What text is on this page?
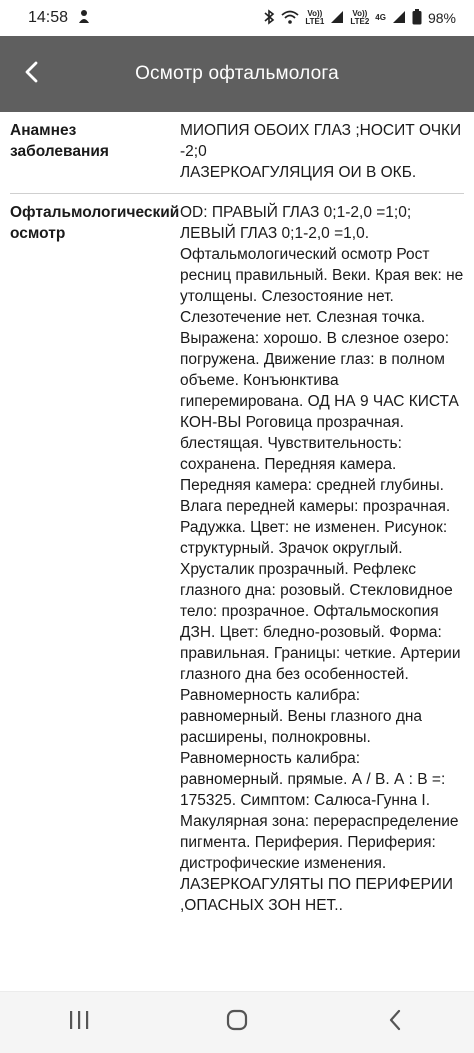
14:58	Vo))
LTE1
Vo))
LTE2 4G	98%
Осмотр офтальмолога
Анамнез заболевания
МИОПИЯ ОБОИХ ГЛАЗ ;НОСИТ ОЧКИ -2;0
ЛАЗЕРКОАГУЛЯЦИЯ ОИ В ОКБ.
Офтальмологический осмотр
OD: ПРАВЫЙ ГЛАЗ 0;1-2,0 =1;0; ЛЕВЫЙ ГЛАЗ 0;1-2,0 =1,0. Офтальмологический осмотр Рост ресниц правильный. Веки. Края век: не утолщены. Слезостояние нет. Слезотечение нет. Слезная точка. Выражена: хорошо. В слезное озеро: погружена. Движение глаз: в полном объеме. Конъюнктива гиперемирована. ОД НА 9 ЧАС КИСТА КОН-ВЫ Роговица прозрачная. блестящая. Чувствительность: сохранена. Передняя камера. Передняя камера: средней глубины. Влага передней камеры: прозрачная. Радужка. Цвет: не изменен. Рисунок: структурный. Зрачок округлый. Хрусталик прозрачный. Рефлекс глазного дна: розовый. Стекловидное тело: прозрачное. Офтальмоскопия ДЗН. Цвет: бледно-розовый. Форма: правильная. Границы: четкие. Артерии глазного дна без особенностей. Равномерность калибра: равномерный. Вены глазного дна расширены, полнокровны. Равномерность калибра: равномерный. прямые. А / В. А : В =: 175325. Симптом: Салюса-Гунна I. Макулярная зона: перераспределение пигмента. Периферия. Периферия: дистрофические изменения. ЛАЗЕРКОАГУЛЯТЫ ПО ПЕРИФЕРИИ ,ОПАСНЫХ ЗОН НЕТ..
